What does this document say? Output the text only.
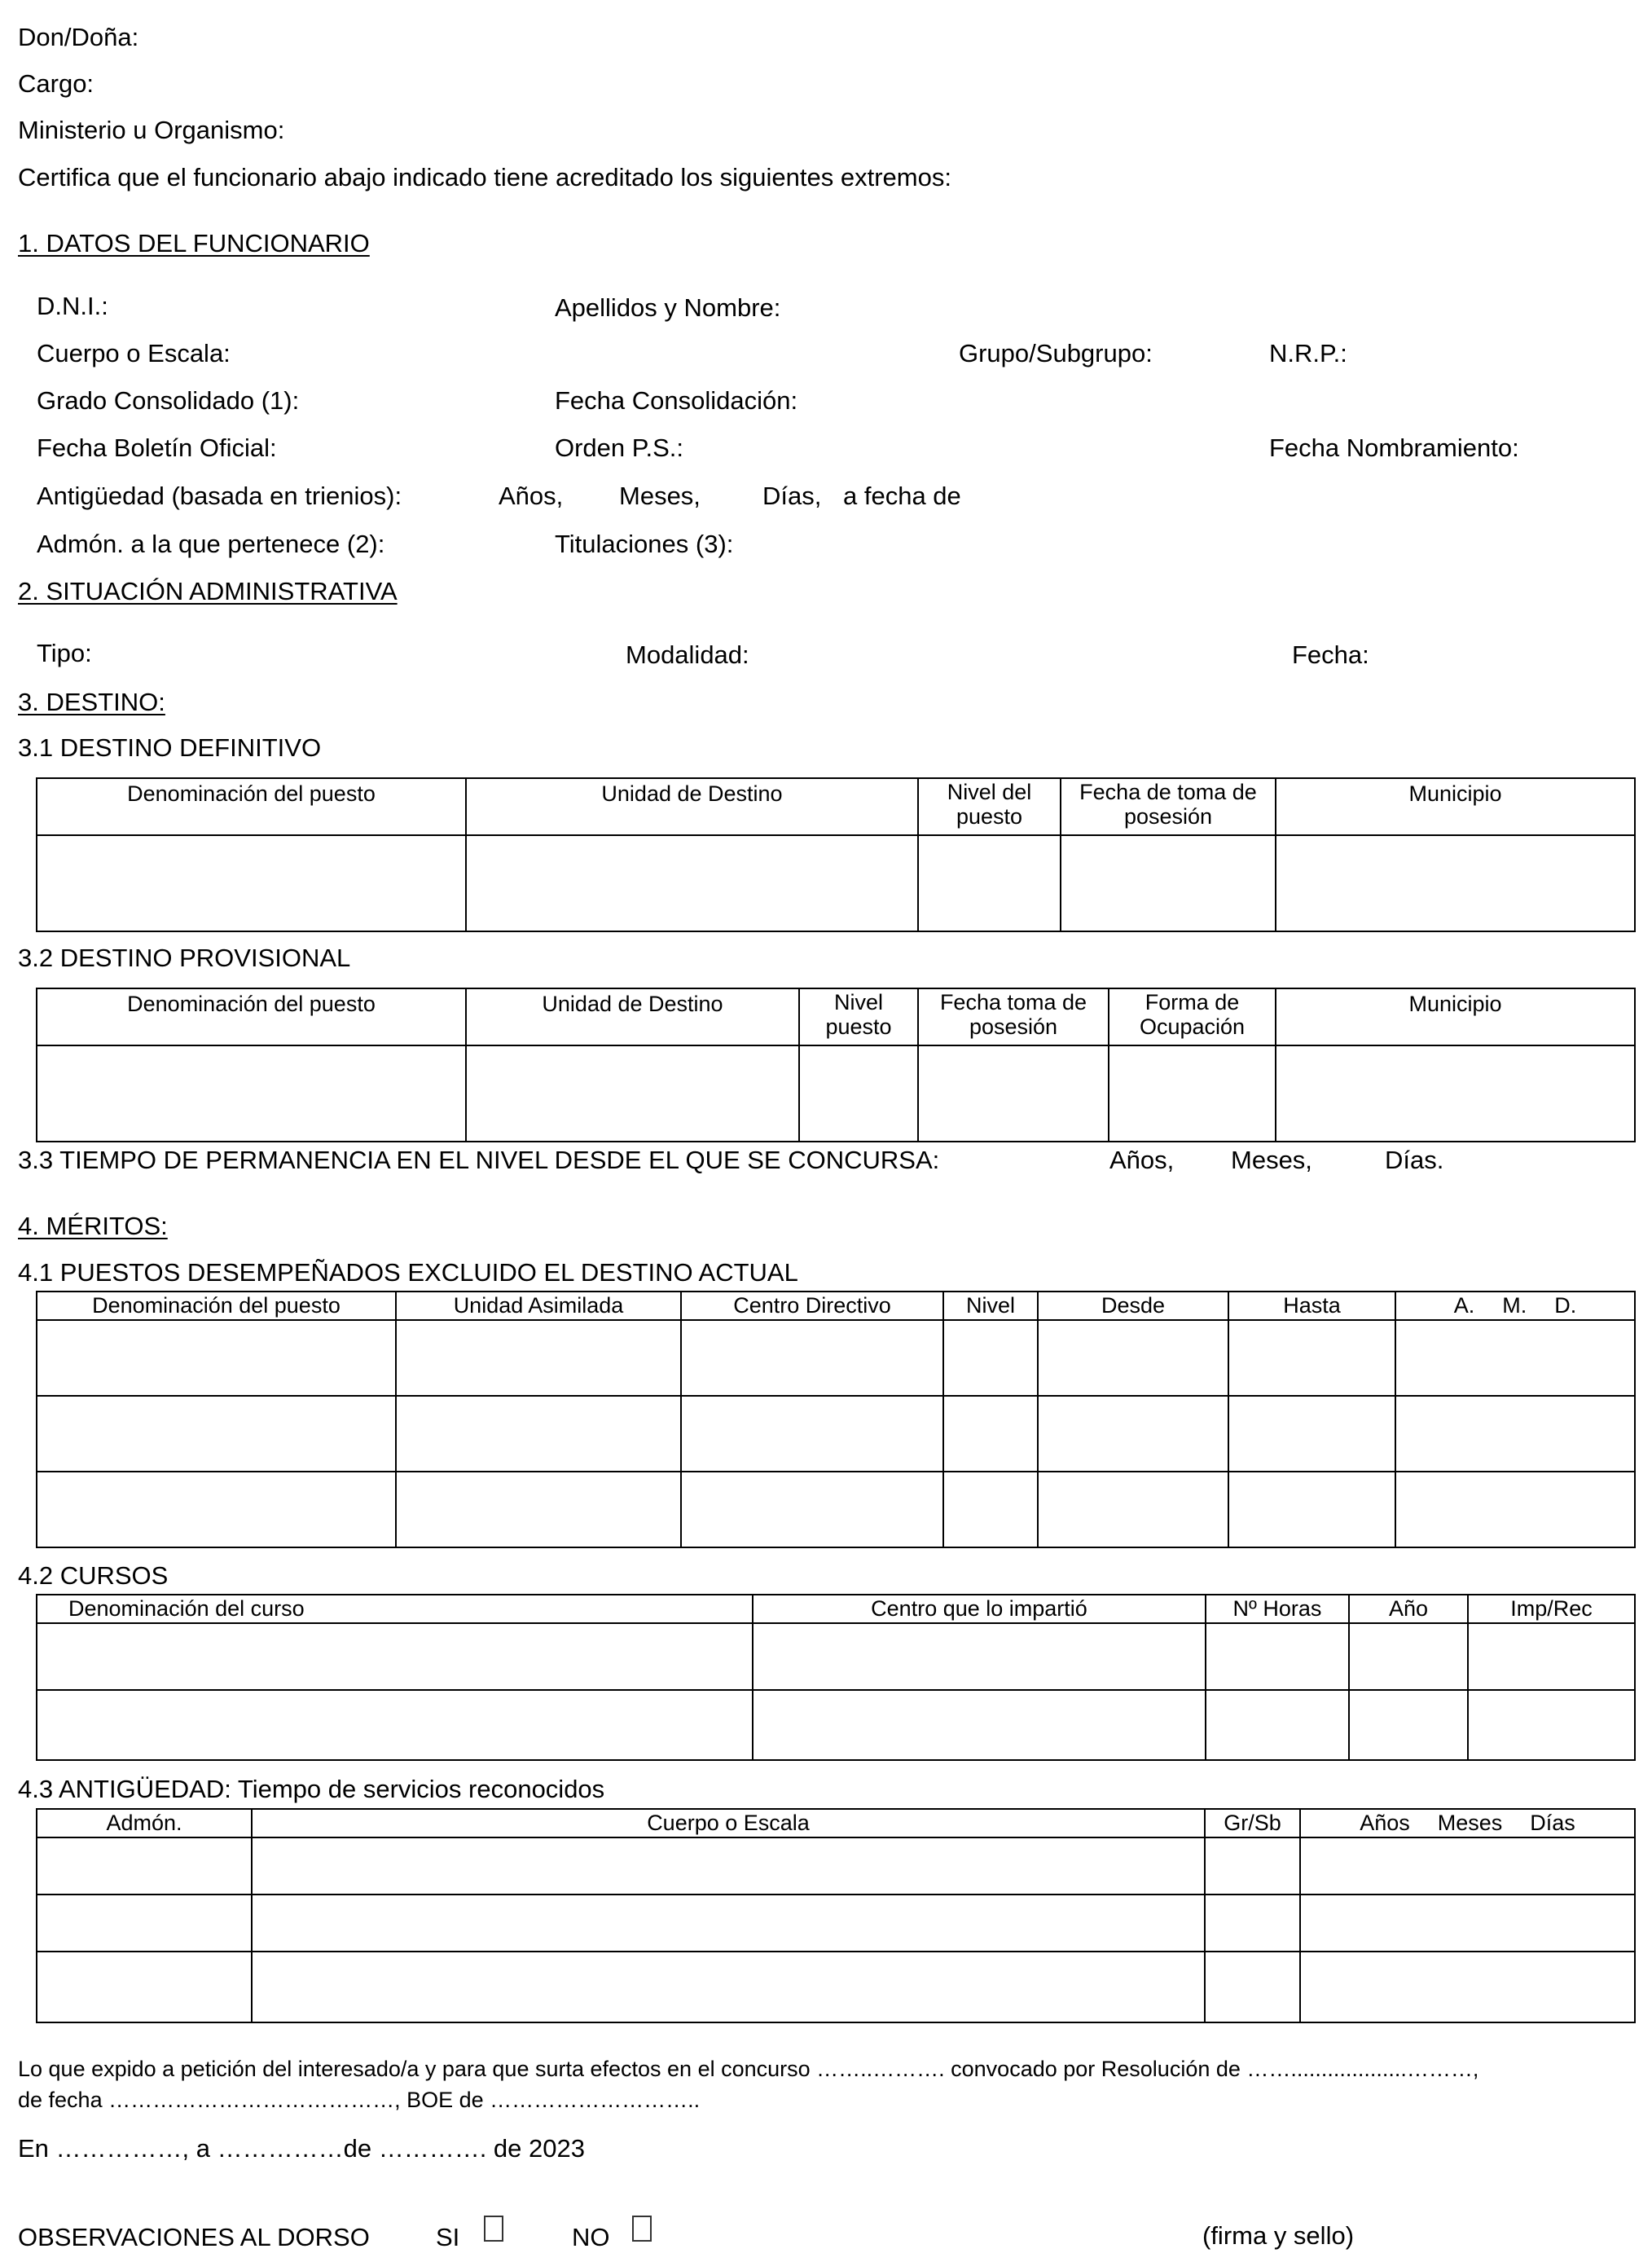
Don/Doña:
Cargo:
Ministerio u Organismo:
Certifica que el funcionario abajo indicado tiene acreditado los siguientes extremos:
1. DATOS DEL FUNCIONARIO
D.N.I.:	Apellidos y Nombre:
Cuerpo o Escala:	Grupo/Subgrupo:	N.R.P.:
Grado Consolidado (1):	Fecha Consolidación:
Fecha Boletín Oficial:	Orden P.S.:	Fecha Nombramiento:
Antigüedad (basada en trienios):	Años, Meses, Días, a fecha de
Admón. a la que pertenece (2):	Titulaciones (3):
2. SITUACIÓN ADMINISTRATIVA
Tipo:	Modalidad:	Fecha:
3. DESTINO:
3.1 DESTINO DEFINITIVO
Denominación del puesto	Unidad de Destino	Nivel del puesto	Fecha de toma de posesión	Municipio

3.2 DESTINO PROVISIONAL
Denominación del puesto	Unidad de Destino	Nivel puesto	Fecha toma de posesión	Forma de Ocupación	Municipio

3.3 TIEMPO DE PERMANENCIA EN EL NIVEL DESDE EL QUE SE CONCURSA:	Años, Meses,	Días.
4. MÉRITOS:
4.1 PUESTOS DESEMPEÑADOS EXCLUIDO EL DESTINO ACTUAL
Denominación del puesto	Unidad Asimilada	Centro Directivo	Nivel	Desde	Hasta	A. M. D.

4.2 CURSOS
Denominación del curso	Centro que lo impartió	Nº Horas	Año	Imp/Rec

4.3 ANTIGÜEDAD: Tiempo de servicios reconocidos
Admón.	Cuerpo o Escala	Gr/Sb	Años Meses Días

Lo que expido a petición del interesado/a y para que surta efectos en el concurso ……..………. convocado por Resolución de ……...................………,
de fecha …………………………………, BOE de ………………………..
En ……………, a ……………de …………. de 2023
OBSERVACIONES AL DORSO	SI	NO	(firma y sello)
